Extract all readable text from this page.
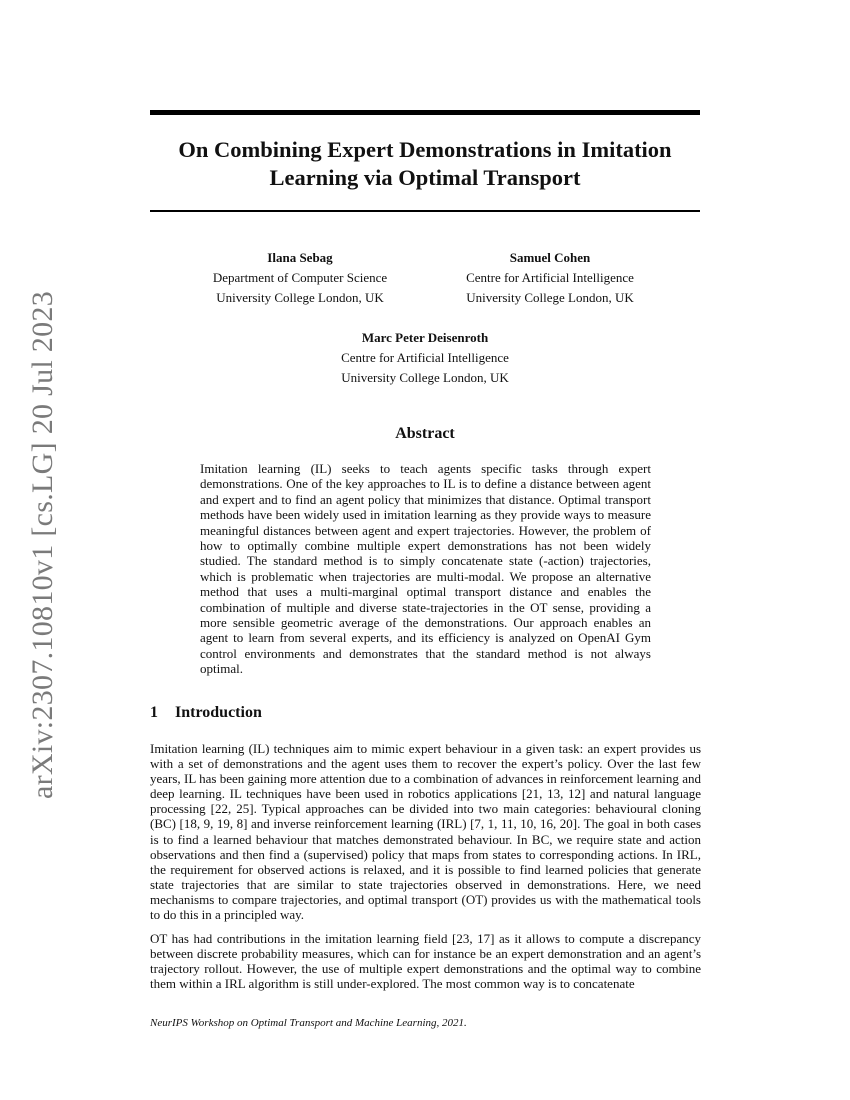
arXiv:2307.10810v1 [cs.LG] 20 Jul 2023
On Combining Expert Demonstrations in Imitation Learning via Optimal Transport
Ilana Sebag
Department of Computer Science
University College London, UK
Samuel Cohen
Centre for Artificial Intelligence
University College London, UK
Marc Peter Deisenroth
Centre for Artificial Intelligence
University College London, UK
Abstract

Imitation learning (IL) seeks to teach agents specific tasks through expert demonstrations. One of the key approaches to IL is to define a distance between agent and expert and to find an agent policy that minimizes that distance. Optimal transport methods have been widely used in imitation learning as they provide ways to measure meaningful distances between agent and expert trajectories. However, the problem of how to optimally combine multiple expert demonstrations has not been widely studied. The standard method is to simply concatenate state (-action) trajectories, which is problematic when trajectories are multi-modal. We propose an alternative method that uses a multi-marginal optimal transport distance and enables the combination of multiple and diverse state-trajectories in the OT sense, providing a more sensible geometric average of the demonstrations. Our approach enables an agent to learn from several experts, and its efficiency is analyzed on OpenAI Gym control environments and demonstrates that the standard method is not always optimal.

1 Introduction

Imitation learning (IL) techniques aim to mimic expert behaviour in a given task: an expert provides us with a set of demonstrations and the agent uses them to recover the expert’s policy. Over the last few years, IL has been gaining more attention due to a combination of advances in reinforcement learning and deep learning. IL techniques have been used in robotics applications [21, 13, 12] and natural language processing [22, 25]. Typical approaches can be divided into two main categories: behavioural cloning (BC) [18, 9, 19, 8] and inverse reinforcement learning (IRL) [7, 1, 11, 10, 16, 20]. The goal in both cases is to find a learned behaviour that matches demonstrated behaviour. In BC, we require state and action observations and then find a (supervised) policy that maps from states to corresponding actions. In IRL, the requirement for observed actions is relaxed, and it is possible to find learned policies that generate state trajectories that are similar to state trajectories observed in demonstrations. Here, we need mechanisms to compare trajectories, and optimal transport (OT) provides us with the mathematical tools to do this in a principled way.

OT has had contributions in the imitation learning field [23, 17] as it allows to compute a discrepancy between discrete probability measures, which can for instance be an expert demonstration and an agent’s trajectory rollout. However, the use of multiple expert demonstrations and the optimal way to combine them within a IRL algorithm is still under-explored. The most common way is to concatenate

NeurIPS Workshop on Optimal Transport and Machine Learning, 2021.
